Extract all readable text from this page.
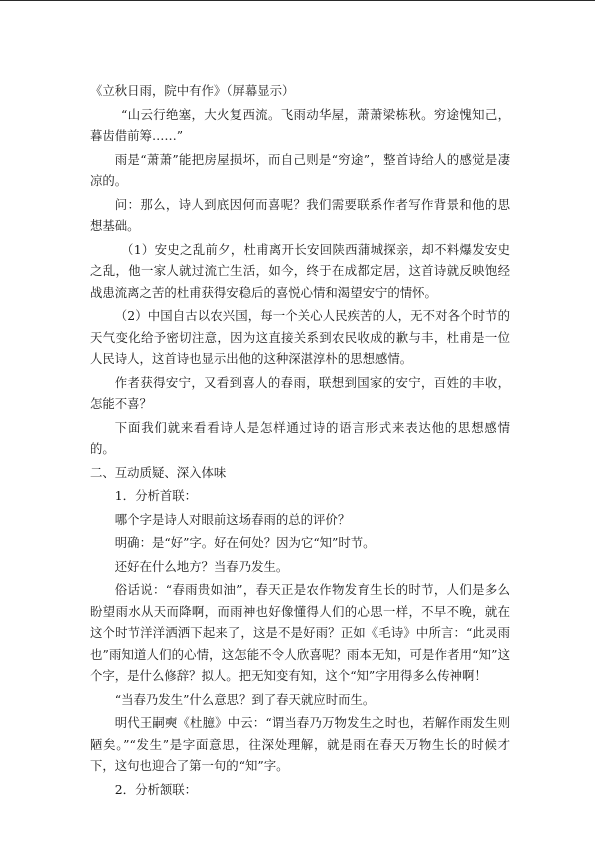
《立秋日雨，院中有作》（屏幕显示）

“山云行绝塞，大火复西流。飞雨动华屋，萧萧梁栋秋。穷途愧知己，暮齿借前筹……”

雨是“萧萧”能把房屋损坏，而自己则是“穷途”，整首诗给人的感觉是凄凉的。

问：那么，诗人到底因何而喜呢？我们需要联系作者写作背景和他的思想基础。

（1）安史之乱前夕，杜甫离开长安回陕西蒲城探亲，却不料爆发安史之乱，他一家人就过流亡生活，如今，终于在成都定居，这首诗就反映饱经战患流离之苦的杜甫获得安稳后的喜悦心情和渴望安宁的情怀。

（2）中国自古以农兴国，每一个关心人民疾苦的人，无不对各个时节的天气变化给予密切注意，因为这直接关系到农民收成的歉与丰，杜甫是一位人民诗人，这首诗也显示出他的这种深湛淳朴的思想感情。

作者获得安宁，又看到喜人的春雨，联想到国家的安宁，百姓的丰收，怎能不喜？

下面我们就来看看诗人是怎样通过诗的语言形式来表达他的思想感情的。

二、互动质疑、深入体味

1．分析首联：

哪个字是诗人对眼前这场春雨的总的评价？

明确：是“好”字。好在何处？因为它“知”时节。

还好在什么地方？当春乃发生。

俗话说：“春雨贵如油”，春天正是农作物发育生长的时节，人们是多么盼望雨水从天而降啊，而雨神也好像懂得人们的心思一样，不早不晚，就在这个时节洋洋洒洒下起来了，这是不是好雨？正如《毛诗》中所言：“此灵雨也”雨知道人们的心情，这怎能不令人欣喜呢？雨本无知，可是作者用“知”这个字，是什么修辞？拟人。把无知变有知，这个“知”字用得多么传神啊！

“当春乃发生”什么意思？到了春天就应时而生。

明代王嗣奭《杜臆》中云：“谓当春乃万物发生之时也，若解作雨发生则陋矣。”“发生”是字面意思，往深处理解，就是雨在春天万物生长的时候才下，这句也迎合了第一句的“知”字。

2．分析颔联：
